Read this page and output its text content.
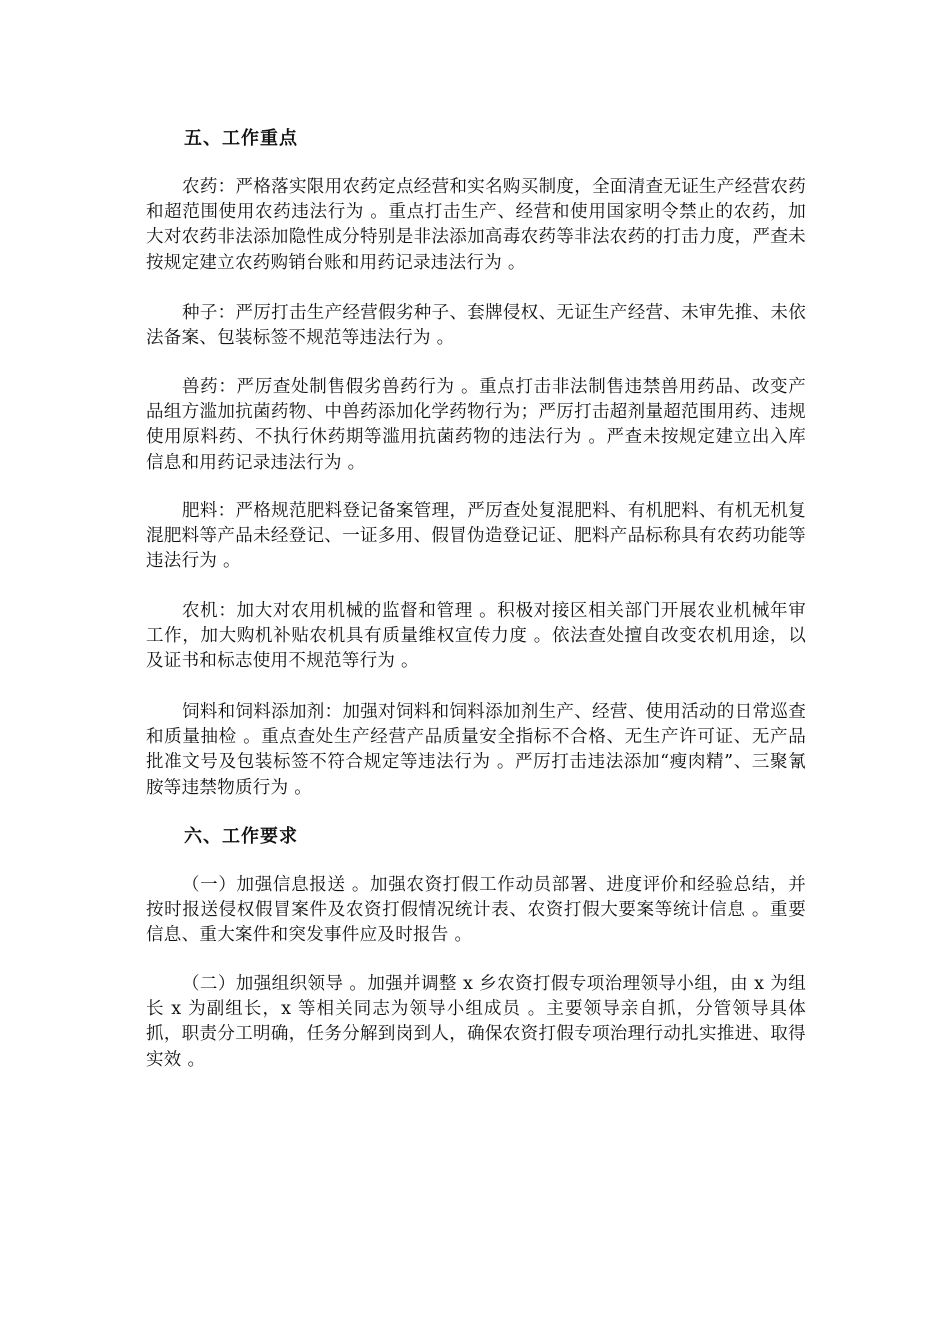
五、工作重点

农药：严格落实限用农药定点经营和实名购买制度，全面清查无证生产经营农药和超范围使用农药违法行为 。重点打击生产、经营和使用国家明令禁止的农药，加大对农药非法添加隐性成分特别是非法添加高毒农药等非法农药的打击力度，严查未按规定建立农药购销台账和用药记录违法行为 。

种子：严厉打击生产经营假劣种子、套牌侵权、无证生产经营、未审先推、未依法备案、包装标签不规范等违法行为 。

兽药：严厉查处制售假劣兽药行为 。重点打击非法制售违禁兽用药品、改变产品组方滥加抗菌药物、中兽药添加化学药物行为；严厉打击超剂量超范围用药、违规使用原料药、不执行休药期等滥用抗菌药物的违法行为 。严查未按规定建立出入库信息和用药记录违法行为 。

肥料：严格规范肥料登记备案管理，严厉查处复混肥料、有机肥料、有机无机复混肥料等产品未经登记、一证多用、假冒伪造登记证、肥料产品标称具有农药功能等违法行为 。

农机：加大对农用机械的监督和管理 。积极对接区相关部门开展农业机械年审工作，加大购机补贴农机具有质量维权宣传力度 。依法查处擅自改变农机用途，以及证书和标志使用不规范等行为 。

饲料和饲料添加剂：加强对饲料和饲料添加剂生产、经营、使用活动的日常巡查和质量抽检 。重点查处生产经营产品质量安全指标不合格、无生产许可证、无产品批准文号及包装标签不符合规定等违法行为 。严厉打击违法添加“瘦肉精”、三聚氰胺等违禁物质行为 。

六、工作要求

（一）加强信息报送 。加强农资打假工作动员部署、进度评价和经验总结，并按时报送侵权假冒案件及农资打假情况统计表、农资打假大要案等统计信息 。重要信息、重大案件和突发事件应及时报告 。

（二）加强组织领导 。加强并调整 x 乡农资打假专项治理领导小组，由 x 为组长 x 为副组长，x 等相关同志为领导小组成员 。主要领导亲自抓，分管领导具体抓，职责分工明确，任务分解到岗到人，确保农资打假专项治理行动扎实推进、取得实效 。
